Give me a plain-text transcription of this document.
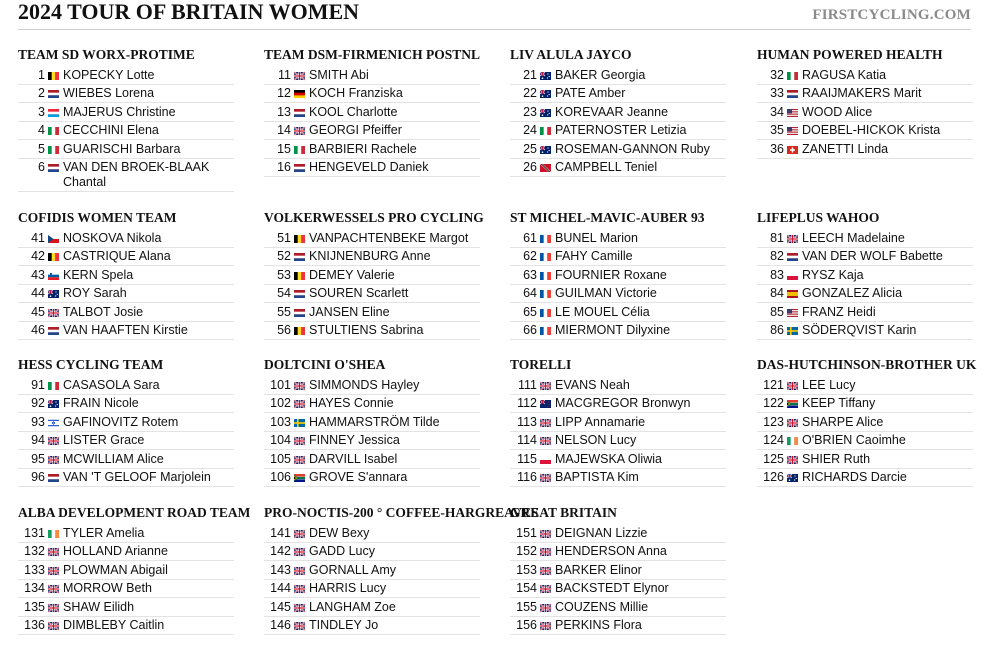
2024 TOUR OF BRITAIN WOMEN	FIRSTCYCLING.COM
TEAM SD WORX-PROTIME
1 KOPECKY Lotte
2 WIEBES Lorena
3 MAJERUS Christine
4 CECCHINI Elena
5 GUARISCHI Barbara
6 VAN DEN BROEK-BLAAK Chantal
TEAM DSM-FIRMENICH POSTNL
11 SMITH Abi
12 KOCH Franziska
13 KOOL Charlotte
14 GEORGI Pfeiffer
15 BARBIERI Rachele
16 HENGEVELD Daniek
LIV ALULA JAYCO
21 BAKER Georgia
22 PATE Amber
23 KOREVAAR Jeanne
24 PATERNOSTER Letizia
25 ROSEMAN-GANNON Ruby
26 CAMPBELL Teniel
HUMAN POWERED HEALTH
32 RAGUSA Katia
33 RAAIJMAKERS Marit
34 WOOD Alice
35 DOEBEL-HICKOK Krista
36 ZANETTI Linda
COFIDIS WOMEN TEAM
41 NOSKOVA Nikola
42 CASTRIQUE Alana
43 KERN Spela
44 ROY Sarah
45 TALBOT Josie
46 VAN HAAFTEN Kirstie
VOLKERWESSELS PRO CYCLING
51 VANPACHTENBEKE Margot
52 KNIJNENBURG Anne
53 DEMEY Valerie
54 SOUREN Scarlett
55 JANSEN Eline
56 STULTIENS Sabrina
ST MICHEL-MAVIC-AUBER 93
61 BUNEL Marion
62 FAHY Camille
63 FOURNIER Roxane
64 GUILMAN Victorie
65 LE MOUEL Célia
66 MIERMONT Dilyxine
LIFEPLUS WAHOO
81 LEECH Madelaine
82 VAN DER WOLF Babette
83 RYSZ Kaja
84 GONZALEZ Alicia
85 FRANZ Heidi
86 SÖDERQVIST Karin
HESS CYCLING TEAM
91 CASASOLA Sara
92 FRAIN Nicole
93 GAFINOVITZ Rotem
94 LISTER Grace
95 MCWILLIAM Alice
96 VAN 'T GELOOF Marjolein
DOLTCINI O'SHEA
101 SIMMONDS Hayley
102 HAYES Connie
103 HAMMARSTRÖM Tilde
104 FINNEY Jessica
105 DARVILL Isabel
106 GROVE S'annara
TORELLI
111 EVANS Neah
112 MACGREGOR Bronwyn
113 LIPP Annamarie
114 NELSON Lucy
115 MAJEWSKA Oliwia
116 BAPTISTA Kim
DAS-HUTCHINSON-BROTHER UK
121 LEE Lucy
122 KEEP Tiffany
123 SHARPE Alice
124 O'BRIEN Caoimhe
125 SHIER Ruth
126 RICHARDS Darcie
ALBA DEVELOPMENT ROAD TEAM
131 TYLER Amelia
132 HOLLAND Arianne
133 PLOWMAN Abigail
134 MORROW Beth
135 SHAW Eilidh
136 DIMBLEBY Caitlin
PRO-NOCTIS-200 ° COFFEE-HARGREAVES
141 DEW Bexy
142 GADD Lucy
143 GORNALL Amy
144 HARRIS Lucy
145 LANGHAM Zoe
146 TINDLEY Jo
GREAT BRITAIN
151 DEIGNAN Lizzie
152 HENDERSON Anna
153 BARKER Elinor
154 BACKSTEDT Elynor
155 COUZENS Millie
156 PERKINS Flora
